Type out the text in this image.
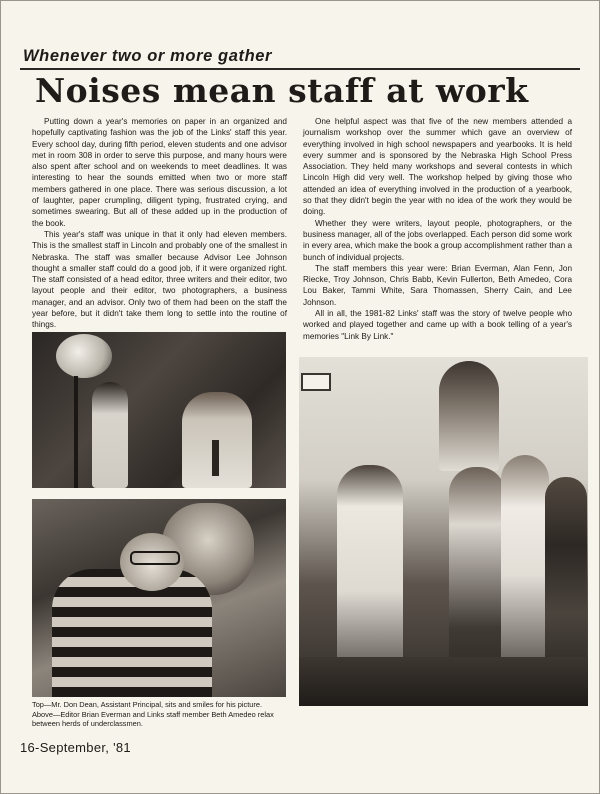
Whenever two or more gather
Noises mean staff at work

Putting down a year's memories on paper in an organized and hopefully captivating fashion was the job of the Links' staff this year. Every school day, during fifth period, eleven students and one advisor met in room 308 in order to serve this purpose, and many hours were also spent after school and on weekends to meet deadlines. It was interesting to hear the sounds emitted when two or more staff members gathered in one place. There was serious discussion, a lot of laughter, paper crumpling, diligent typing, frustrated crying, and sometimes swearing. But all of these added up in the production of the book.

This year's staff was unique in that it only had eleven members. This is the smallest staff in Lincoln and probably one of the smallest in Nebraska. The staff was smaller because Advisor Lee Johnson thought a smaller staff could do a good job, if it were organized right. The staff consisted of a head editor, three writers and their editor, two layout people and their editor, two photographers, a business manager, and an advisor. Only two of them had been on the staff the year before, but it didn't take them long to settle into the routine of things.

One helpful aspect was that five of the new members attended a journalism workshop over the summer which gave an overview of everything involved in high school newspapers and yearbooks. It is held every summer and is sponsored by the Nebraska High School Press Association. They held many workshops and several contests in which Lincoln High did very well. The workshop helped by giving those who attended an idea of everything involved in the production of a yearbook, so that they didn't begin the year with no idea of the work they would be doing.

Whether they were writers, layout people, photographers, or the business manager, all of the jobs overlapped. Each person did some work in every area, which make the book a group accomplishment rather than a bunch of individual projects.

The staff members this year were: Brian Everman, Alan Fenn, Jon Riecke, Troy Johnson, Chris Babb, Kevin Fullerton, Beth Amedeo, Cora Lou Baker, Tammi White, Sara Thomassen, Sherry Cain, and Lee Johnson.

All in all, the 1981-82 Links' staff was the story of twelve people who worked and played together and came up with a book telling of a year's memories "Link By Link."

Top—Mr. Don Dean, Assistant Principal, sits and smiles for his picture.
Above—Editor Brian Everman and Links staff member Beth Amedeo relax between herds of underclassmen.
16-September, '81
